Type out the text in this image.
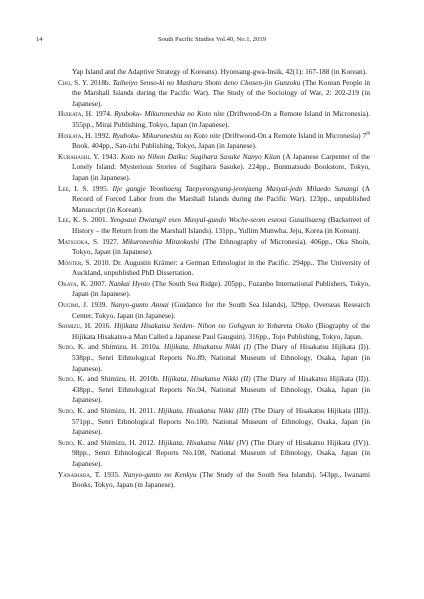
14	South Pacific Studies Vol.40, No.1, 2019

Yap Island and the Adaptive Strategy of Koreans). Hyonsang-gwa-Insik, 42(1): 167-188 (in Korean).

Cho, S. Y. 2018b. Taiheiyo Senso-ki no Masharu Shoto deno Chosen-jin Gunzoku (The Korean People in the Marshall Islands during the Pacific War). The Study of the Sociology of War, 2: 202-219 (in Japanese).

Hijikata, H. 1974. Ryuboku- Mikuroneshia no Koto nite (Driftwood-On a Remote Island in Micronesia). 355pp., Mirai Publishing, Tokyo, Japan (in Japanese).

Hijikata, H. 1992. Ryuboku- Mikuroneshia no Koto nite (Driftwood-On a Remote Island in Micronesia) 7th Book. 404pp., San-ichi Publishing, Tokyo, Japan (in Japanese).

Kurahashi, Y. 1943. Koto no Nihon Daiku: Sugihara Sasuke Nanyo Kitan (A Japanese Carpenter of the Lonely Island: Mysterious Stories of Sugihara Sasuke). 224pp., Bunmatsudo Bookstore, Tokyo, Japan (in Japanese).

Lee, I. S. 1995. Ilje gangje Yeonhaeng Taepyeongyang-jeonjaeng Masyal-jedo Milaedo Sunangi (A Record of Forced Labor from the Marshall Islands during the Pacific War). 123pp., unpublished Manuscript (in Korean).

Lee, K. S. 2001. Yeogsaui Dwiangil eseo Masyal-gundo Woche-seom eseoui Gusailsaeng (Backstreet of History – the Return from the Marshall Islands). 131pp., Yullim Munwha, Jeju, Korea (in Korean).

Matsuoka, S. 1927. Mikuroneshia Minzokushi (The Ethnography of Micronesia). 406pp., Oka Shoin, Tokyo, Japan (in Japanese).

Mönter, S. 2010. Dr. Augustin Krämer: a German Ethnologist in the Pacific. 294pp., The University of Auckland, unpublished PhD Dissertation.

Okaya, K. 2007. Nankai Hyoto (The South Sea Ridge). 205pp., Fuzanbo International Publishers, Tokyo, Japan (in Japanese).

Ougimi, J. 1939. Nanyo-gunto Annai (Guidance for the South Sea Islands), 329pp. Overseas Research Center, Tokyo, Japan (in Japanese).

Shimizu, H. 2016. Hijikata Hisakatsu Seiden- Nihon no Gohgyan to Yobareta Otoko (Biography of the Hijikata Hisakatsu-a Man Called a Japanese Paul Gauguin). 316pp., Tojo Publishing, Tokyo, Japan.

Sudo, K. and Shimizu, H. 2010a. Hijikata, Hisakatsu Nikki (I) (The Diary of Hisakatsu Hijikata (I)). 538pp., Senri Ethnological Reports No.89, National Museum of Ethnology, Osaka, Japan (in Japanese).

Sudo, K. and Shimizu, H. 2010b. Hijikata, Hisakatsu Nikki (II) (The Diary of Hisakatsu Hijikata (II)). 438pp., Senri Ethnological Reports No.94, National Museum of Ethnology, Osaka, Japan (in Japanese).

Sudo, K. and Shimizu, H. 2011. Hijikata, Hisakatsu Nikki (III) (The Diary of Hisakatsu Hijikata (III)). 571pp., Senri Ethnological Reports No.100, National Museum of Ethnology, Osaka, Japan (in Japanese).

Sudo, K. and Shimizu, H. 2012. Hijikata, Hisakatsu Nikki (IV) (The Diary of Hisakatsu Hijikata (IV)). 98pp., Senri Ethnological Reports No.108, National Museum of Ethnology, Osaka, Japan (in Japanese).

Yanaihara, T. 1935. Nanyo-gunto no Kenkyu (The Study of the South Sea Islands). 543pp., Iwanami Books, Tokyo, Japan (in Japanese).
